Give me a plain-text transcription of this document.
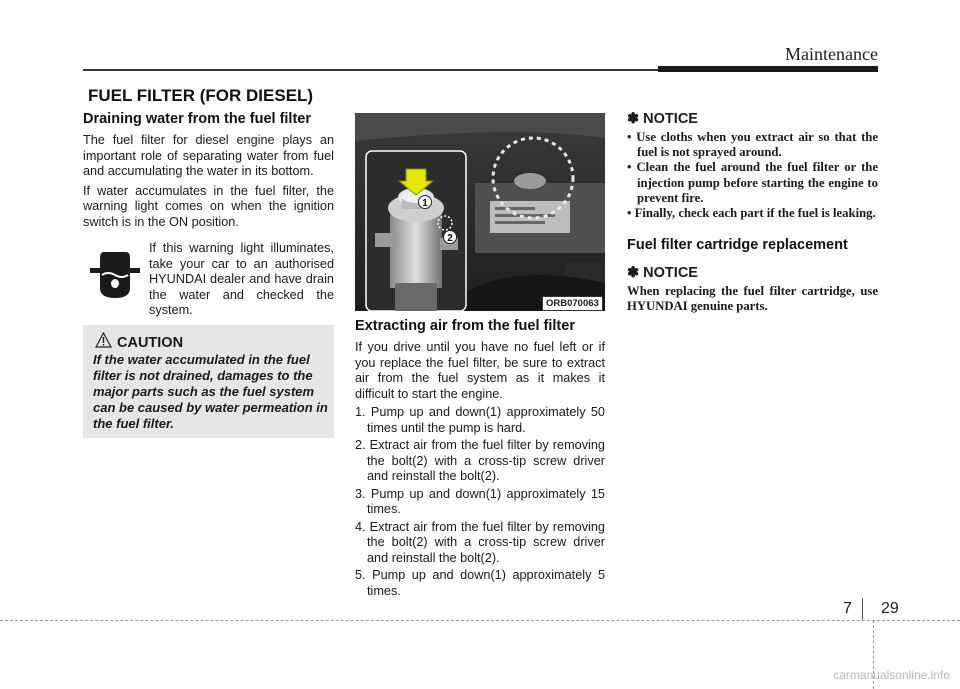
Maintenance
FUEL FILTER (FOR DIESEL)
Draining water from the fuel filter

The fuel filter for diesel engine plays an important role of separating water from fuel and accumulating the water in its bottom.

If water accumulates in the fuel filter, the warning light comes on when the ignition switch is in the ON position.

If this warning light illuminates, take your car to an authorised HYUNDAI dealer and have drain the water and checked the system.

CAUTION

If the water accumulated in the fuel filter is not drained, damages to the major parts such as the fuel system can be caused by water permeation in the fuel filter.

1
2
ORB070063
Extracting air from the fuel filter

If you drive until you have no fuel left or if you replace the fuel filter, be sure to extract air from the fuel system as it makes it difficult to start the engine.

1. Pump up and down(1) approximately 50 times until the pump is hard.
2. Extract air from the fuel filter by removing the bolt(2) with a cross-tip screw driver and reinstall the bolt(2).
3. Pump up and down(1) approximately 15 times.
4. Extract air from the fuel filter by removing the bolt(2) with a cross-tip screw driver and reinstall the bolt(2).
5. Pump up and down(1) approximately 5 times.
✽ NOTICE
• Use cloths when you extract air so that the fuel is not sprayed around.
• Clean the fuel around the fuel filter or the injection pump before starting the engine to prevent fire.
• Finally, check each part if the fuel is leaking.
Fuel filter cartridge replacement
✽ NOTICE

When replacing the fuel filter cartridge, use HYUNDAI genuine parts.

7 29
carmanualsonline.info
